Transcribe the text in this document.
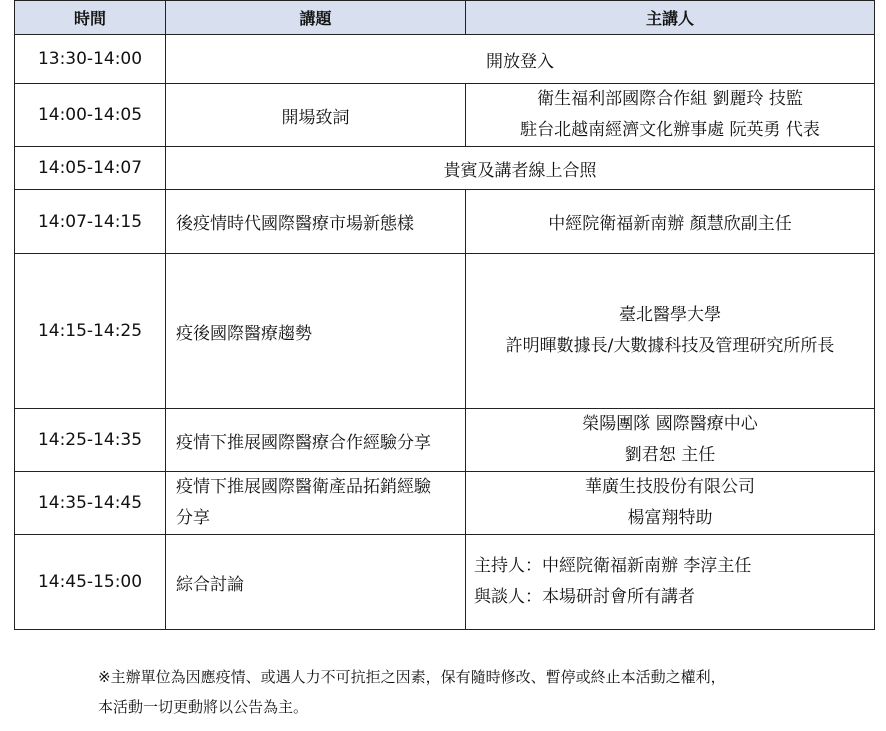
時間	講題	主講人
13:30-14:00	開放登入	
14:00-14:05	開場致詞	衛生福利部國際合作組 劉麗玲 技監
駐台北越南經濟文化辦事處 阮英勇 代表

14:05-14:07	貴賓及講者線上合照	
14:07-14:15	後疫情時代國際醫療市場新態樣	中經院衛福新南辦 顏慧欣副主任
14:15-14:25	疫後國際醫療趨勢	臺北醫學大學
許明暉數據長/大數據科技及管理研究所所長

14:25-14:35	疫情下推展國際醫療合作經驗分享	榮陽團隊 國際醫療中心
劉君恕 主任

14:35-14:45	疫情下推展國際醫衛產品拓銷經驗
分享	華廣生技股份有限公司
楊富翔特助

14:45-15:00	綜合討論	主持人：中經院衛福新南辦 李淳主任
與談人：本場研討會所有講者
※主辦單位為因應疫情、或遇人力不可抗拒之因素，保有隨時修改、暫停或終止本活動之權利，
本活動一切更動將以公告為主。
